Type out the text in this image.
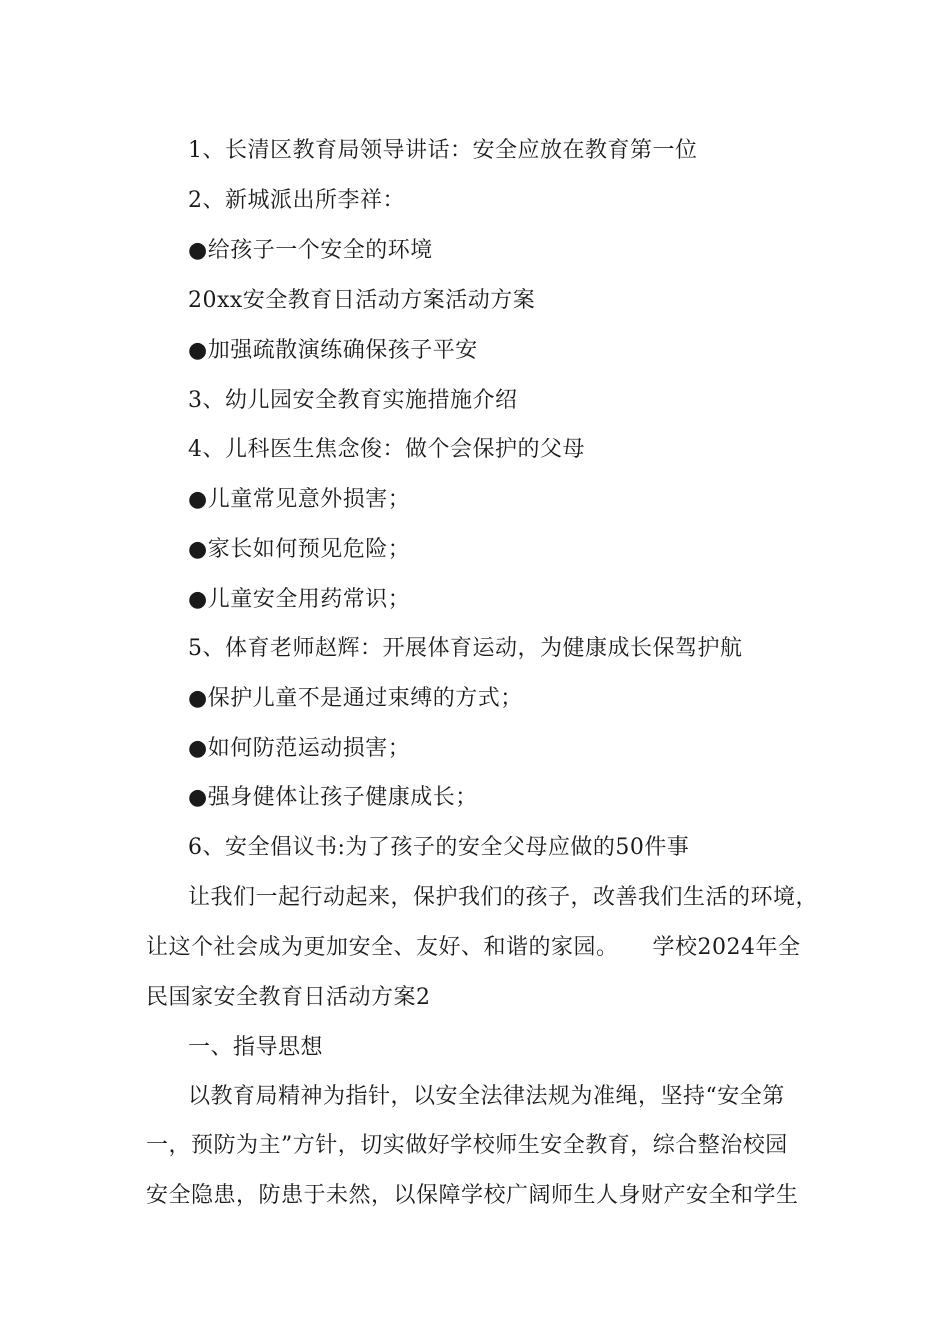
1、长清区教育局领导讲话：安全应放在教育第一位
2、新城派出所李祥：
●给孩子一个安全的环境
20xx安全教育日活动方案活动方案
●加强疏散演练确保孩子平安
3、幼儿园安全教育实施措施介绍
4、儿科医生焦念俊：做个会保护的父母
●儿童常见意外损害；
●家长如何预见危险；
●儿童安全用药常识；
5、体育老师赵辉：开展体育运动，为健康成长保驾护航
●保护儿童不是通过束缚的方式；
●如何防范运动损害；
●强身健体让孩子健康成长；
6、安全倡议书:为了孩子的安全父母应做的50件事
让我们一起行动起来，保护我们的孩子，改善我们生活的环境，
让这个社会成为更加安全、友好、和谐的家园。　　学校2024年全
民国家安全教育日活动方案2
一、指导思想
以教育局精神为指针，以安全法律法规为准绳，坚持“安全第
一，预防为主”方针，切实做好学校师生安全教育，综合整治校园
安全隐患，防患于未然，以保障学校广阔师生人身财产安全和学生
